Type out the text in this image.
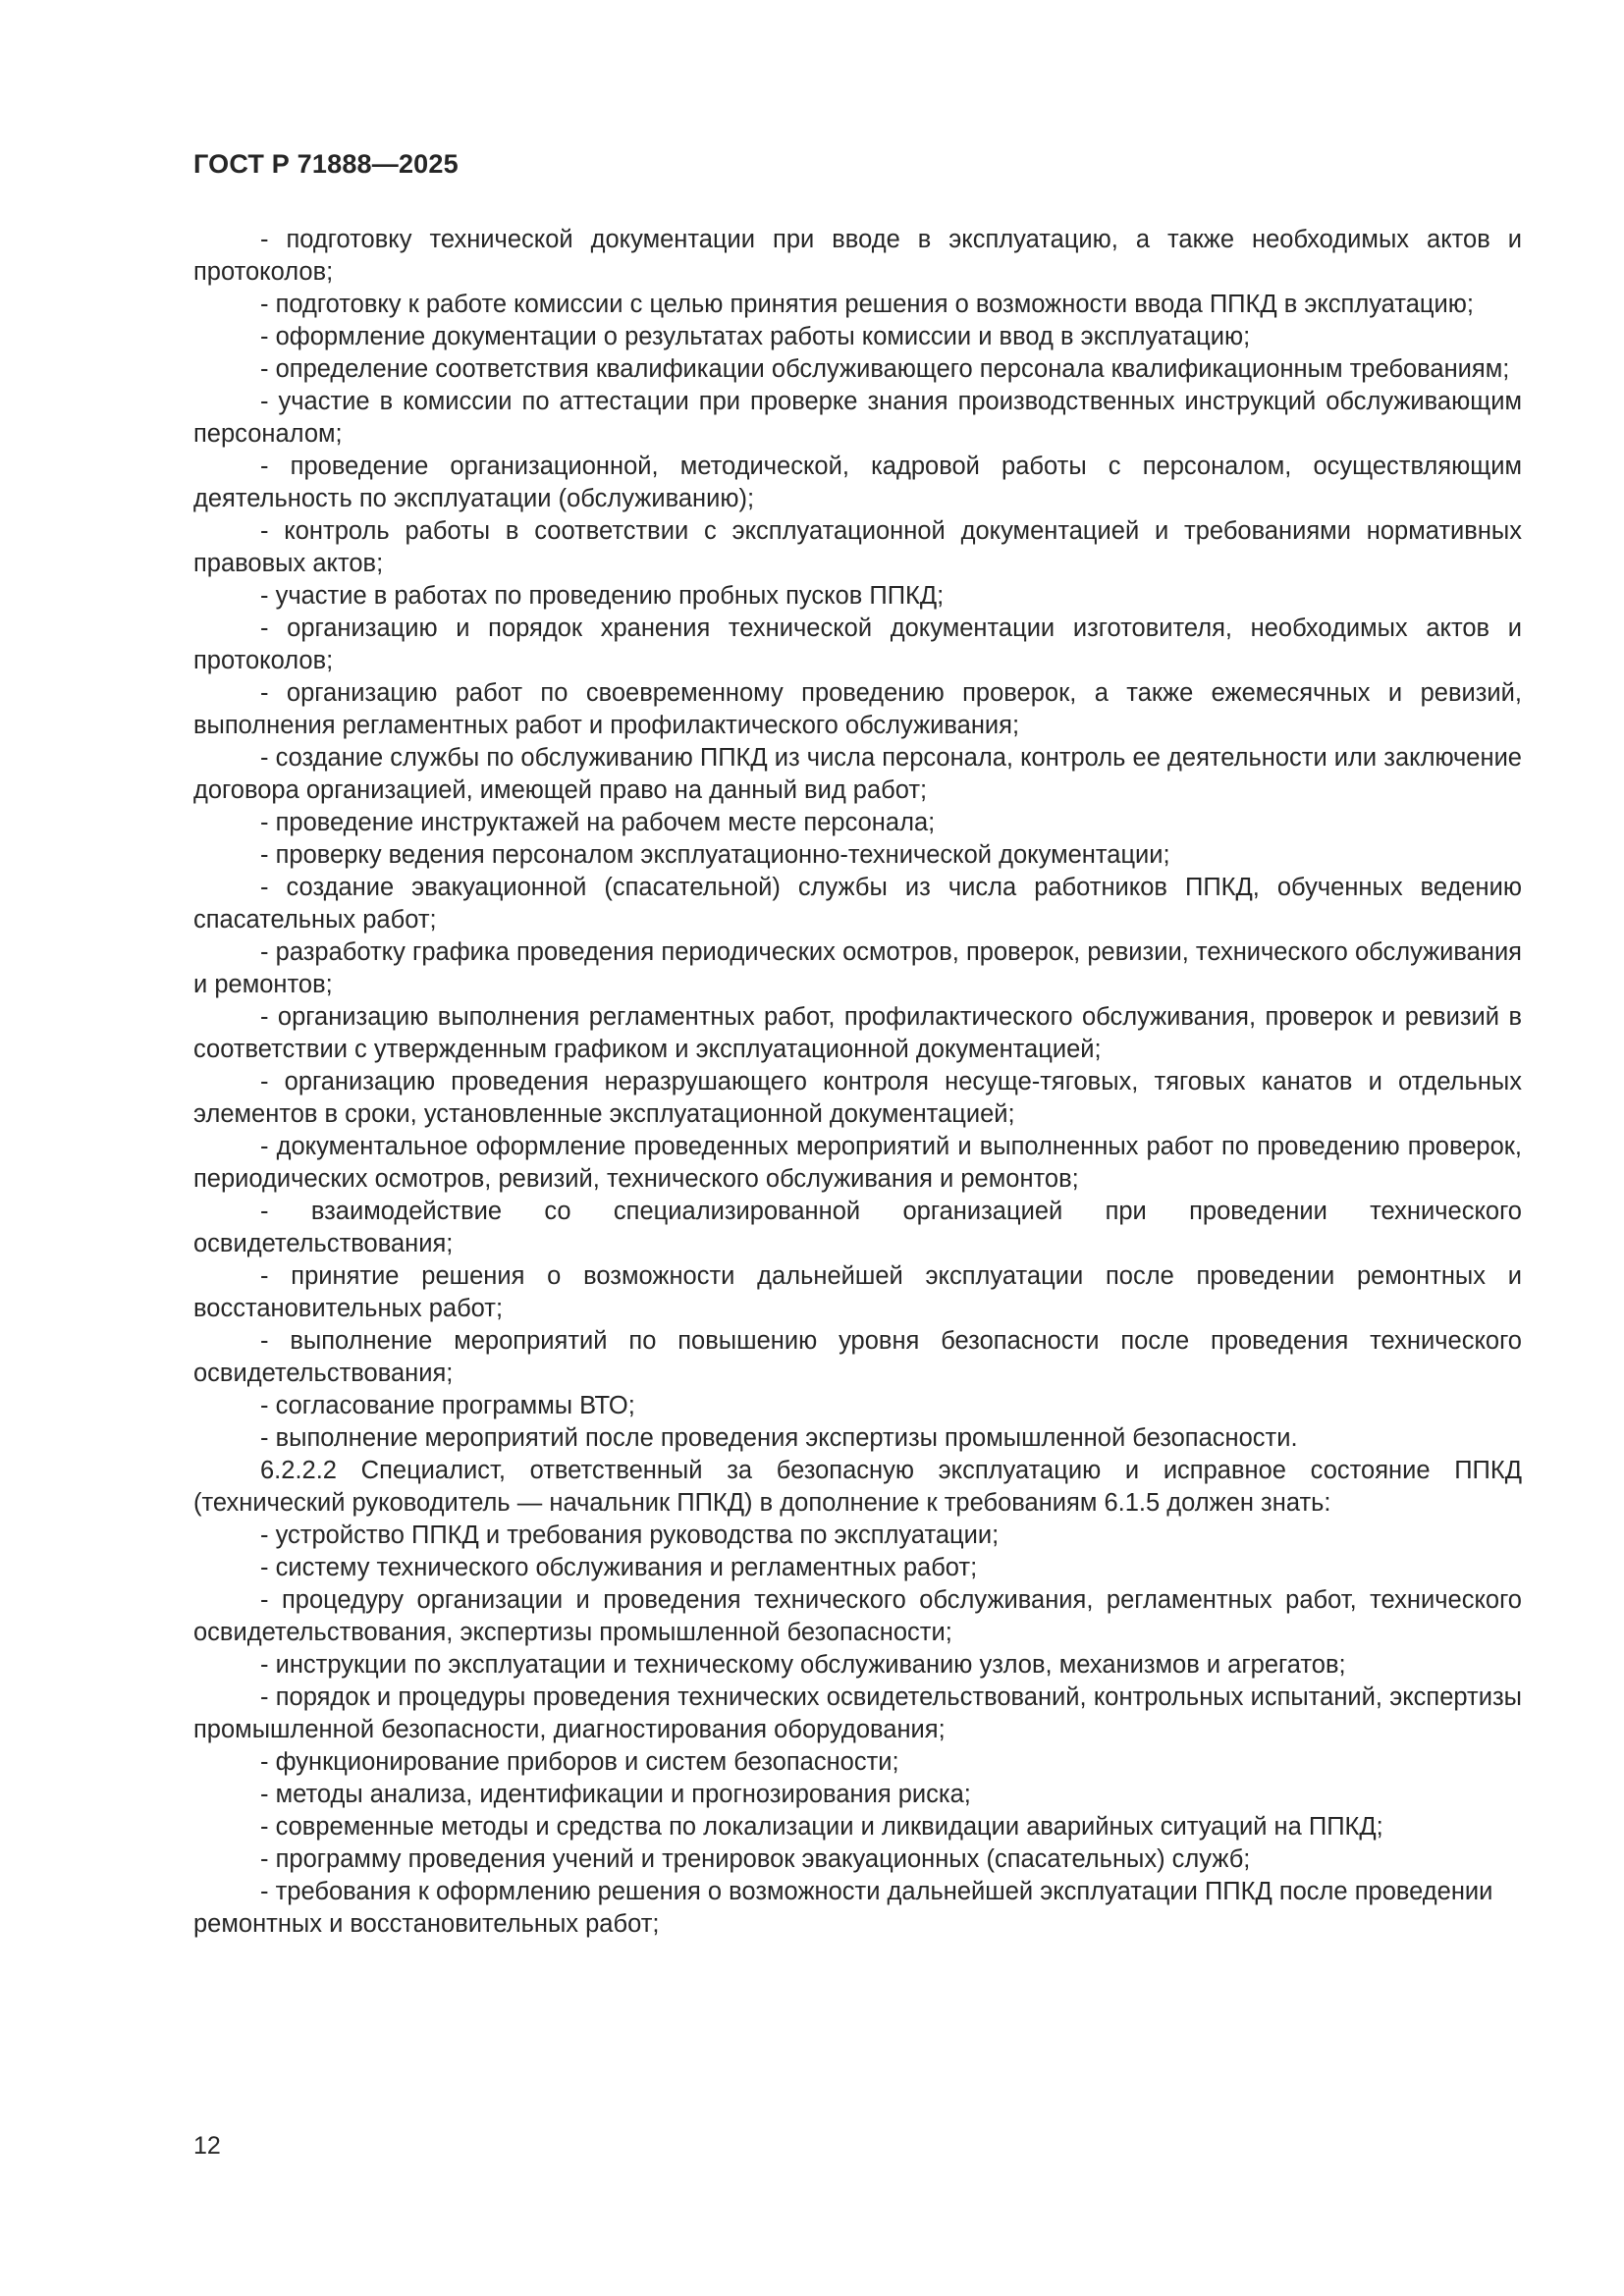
ГОСТ Р 71888—2025

- подготовку технической документации при вводе в эксплуатацию, а также необходимых актов и протоколов;

- подготовку к работе комиссии с целью принятия решения о возможности ввода ППКД в эксплуатацию;

- оформление документации о результатах работы комиссии и ввод в эксплуатацию;

- определение соответствия квалификации обслуживающего персонала квалификационным требованиям;

- участие в комиссии по аттестации при проверке знания производственных инструкций обслуживающим персоналом;

- проведение организационной, методической, кадровой работы с персоналом, осуществляющим деятельность по эксплуатации (обслуживанию);

- контроль работы в соответствии с эксплуатационной документацией и требованиями нормативных правовых актов;

- участие в работах по проведению пробных пусков ППКД;

- организацию и порядок хранения технической документации изготовителя, необходимых актов и протоколов;

- организацию работ по своевременному проведению проверок, а также ежемесячных и ревизий, выполнения регламентных работ и профилактического обслуживания;

- создание службы по обслуживанию ППКД из числа персонала, контроль ее деятельности или заключение договора организацией, имеющей право на данный вид работ;

- проведение инструктажей на рабочем месте персонала;

- проверку ведения персоналом эксплуатационно-технической документации;

- создание эвакуационной (спасательной) службы из числа работников ППКД, обученных ведению спасательных работ;

- разработку графика проведения периодических осмотров, проверок, ревизии, технического обслуживания и ремонтов;

- организацию выполнения регламентных работ, профилактического обслуживания, проверок и ревизий в соответствии с утвержденным графиком и эксплуатационной документацией;

- организацию проведения неразрушающего контроля несуще-тяговых, тяговых канатов и отдельных элементов в сроки, установленные эксплуатационной документацией;

- документальное оформление проведенных мероприятий и выполненных работ по проведению проверок, периодических осмотров, ревизий, технического обслуживания и ремонтов;

- взаимодействие со специализированной организацией при проведении технического освидетельствования;

- принятие решения о возможности дальнейшей эксплуатации после проведении ремонтных и восстановительных работ;

- выполнение мероприятий по повышению уровня безопасности после проведения технического освидетельствования;

- согласование программы ВТО;

- выполнение мероприятий после проведения экспертизы промышленной безопасности.

6.2.2.2 Специалист, ответственный за безопасную эксплуатацию и исправное состояние ППКД (технический руководитель — начальник ППКД) в дополнение к требованиям 6.1.5 должен знать:

- устройство ППКД и требования руководства по эксплуатации;

- систему технического обслуживания и регламентных работ;

- процедуру организации и проведения технического обслуживания, регламентных работ, технического освидетельствования, экспертизы промышленной безопасности;

- инструкции по эксплуатации и техническому обслуживанию узлов, механизмов и агрегатов;

- порядок и процедуры проведения технических освидетельствований, контрольных испытаний, экспертизы промышленной безопасности, диагностирования оборудования;

- функционирование приборов и систем безопасности;

- методы анализа, идентификации и прогнозирования риска;

- современные методы и средства по локализации и ликвидации аварийных ситуаций на ППКД;

- программу проведения учений и тренировок эвакуационных (спасательных) служб;

- требования к оформлению решения о возможности дальнейшей эксплуатации ППКД после проведении ремонтных и восстановительных работ;

12
